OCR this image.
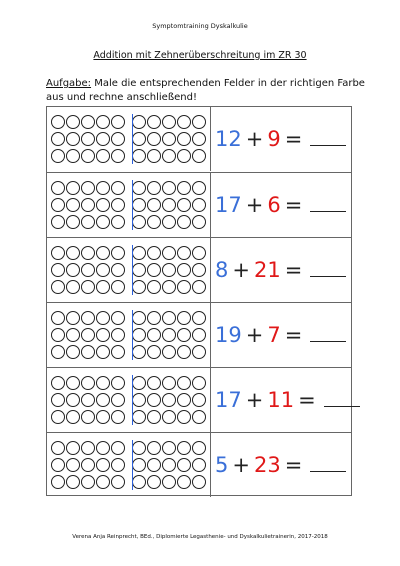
Symptomtraining Dyskalkulie
Addition mit Zehnerüberschreitung im ZR 30
Aufgabe: Male die entsprechenden Felder in der richtigen Farbe aus und rechne anschließend!
12 + 9 =
17 + 6 =
8 + 21 =
19 + 7 =
17 + 11 =
5 + 23 =
Verena Anja Reinprecht, BEd., Diplomierte Legasthenie- und Dyskalkulietrainerin, 2017-2018
